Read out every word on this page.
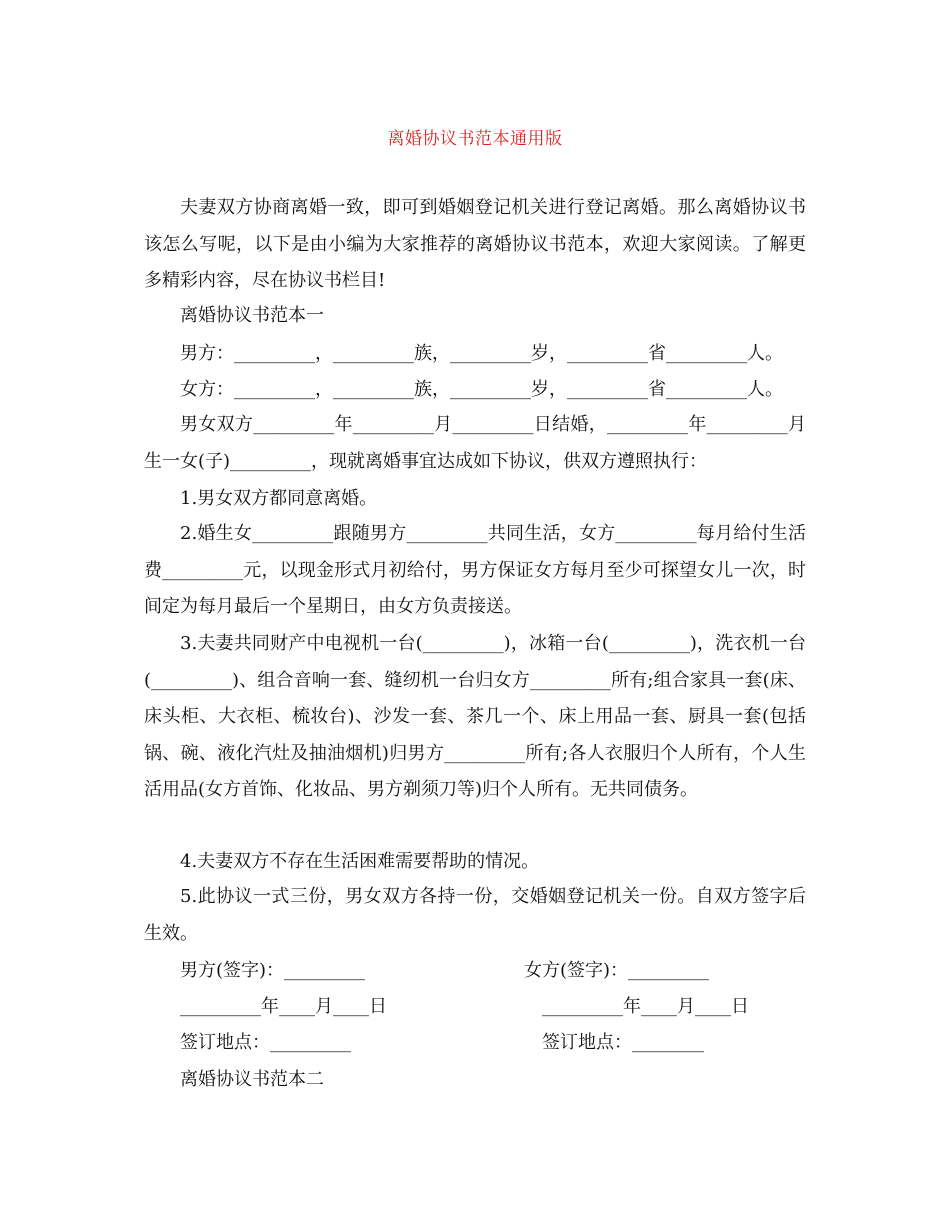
离婚协议书范本通用版
夫妻双方协商离婚一致，即可到婚姻登记机关进行登记离婚。那么离婚协议书该怎么写呢，以下是由小编为大家推荐的离婚协议书范本，欢迎大家阅读。了解更多精彩内容，尽在协议书栏目!
离婚协议书范本一
男方：_________，_________族，_________岁，_________省_________人。
女方：_________，_________族，_________岁，_________省_________人。
男女双方_________年_________月_________日结婚，_________年_________月生一女(子)_________，现就离婚事宜达成如下协议，供双方遵照执行：
1.男女双方都同意离婚。
2.婚生女_________跟随男方_________共同生活，女方_________每月给付生活费_________元，以现金形式月初给付，男方保证女方每月至少可探望女儿一次，时间定为每月最后一个星期日，由女方负责接送。
3.夫妻共同财产中电视机一台(_________)，冰箱一台(_________)，洗衣机一台(_________)、组合音响一套、缝纫机一台归女方_________所有;组合家具一套(床、床头柜、大衣柜、梳妆台)、沙发一套、茶几一个、床上用品一套、厨具一套(包括锅、碗、液化汽灶及抽油烟机)归男方_________所有;各人衣服归个人所有，个人生活用品(女方首饰、化妆品、男方剃须刀等)归个人所有。无共同债务。
4.夫妻双方不存在生活困难需要帮助的情况。
5.此协议一式三份，男女双方各持一份，交婚姻登记机关一份。自双方签字后生效。
男方(签字)：_________	女方(签字)：_________
_________年____月____日	_________年____月____日
签订地点：_________	签订地点：________
离婚协议书范本二
